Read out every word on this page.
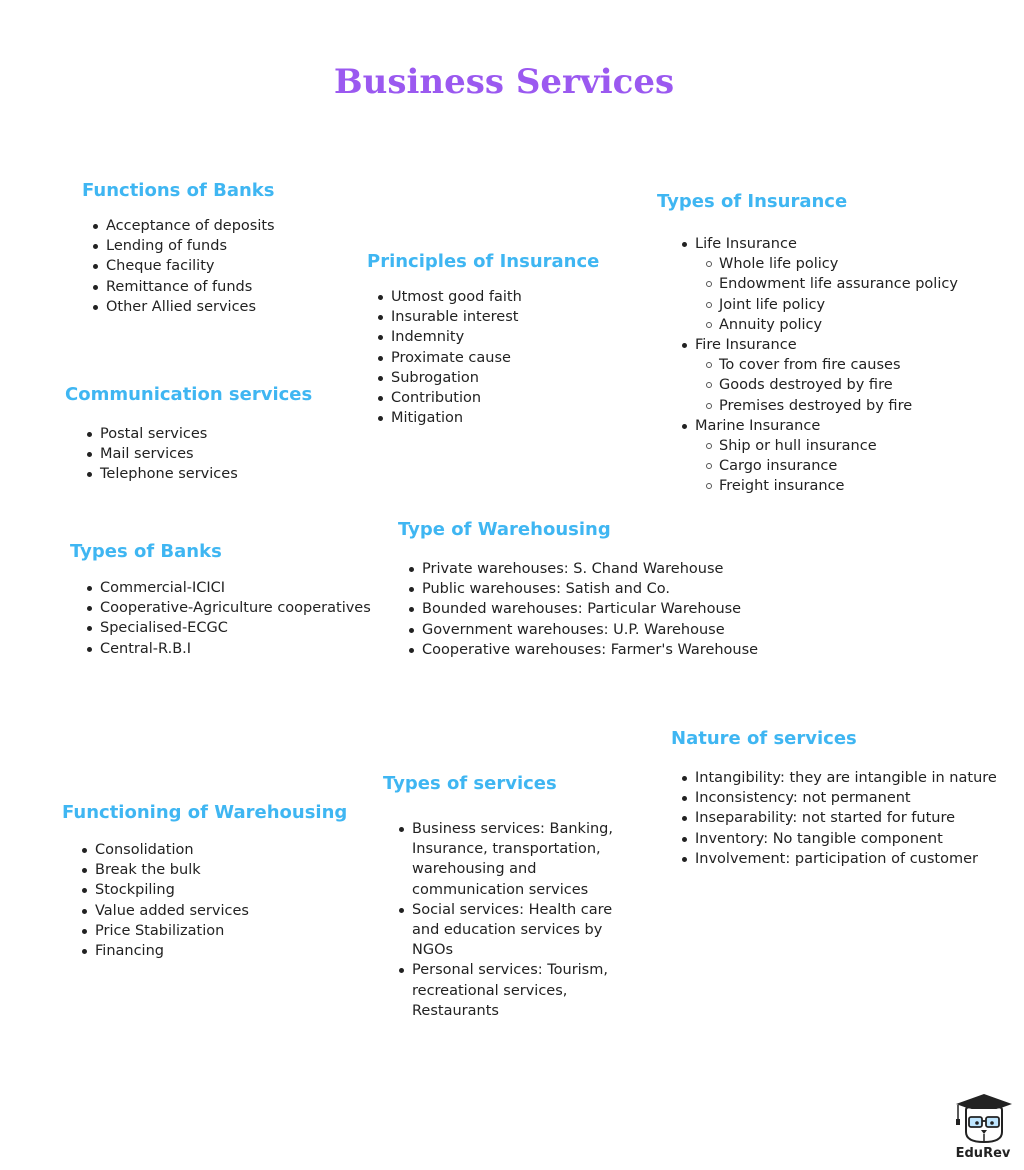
Business Services
Functions of Banks
Acceptance of deposits
Lending of funds
Cheque facility
Remittance of funds
Other Allied services
Principles of Insurance
Utmost good faith
Insurable interest
Indemnity
Proximate cause
Subrogation
Contribution
Mitigation
Types of Insurance
Life Insurance
Whole life policy
Endowment life assurance policy
Joint life policy
Annuity policy
Fire Insurance
To cover from fire causes
Goods destroyed by fire
Premises destroyed by fire
Marine Insurance
Ship or hull insurance
Cargo insurance
Freight insurance
Communication services
Postal services
Mail services
Telephone services
Type of Warehousing
Private warehouses: S. Chand Warehouse
Public warehouses: Satish and Co.
Bounded warehouses: Particular Warehouse
Government warehouses: U.P. Warehouse
Cooperative warehouses: Farmer's Warehouse
Types of Banks
Commercial-ICICI
Cooperative-Agriculture cooperatives
Specialised-ECGC
Central-R.B.I
Nature of services
Intangibility: they are intangible in nature
Inconsistency: not permanent
Inseparability: not started for future
Inventory: No tangible component
Involvement: participation of customer
Types of services
Business services: Banking, Insurance, transportation, warehousing and communication services
Social services: Health care and education services by NGOs
Personal services: Tourism, recreational services, Restaurants
Functioning of Warehousing
Consolidation
Break the bulk
Stockpiling
Value added services
Price Stabilization
Financing
EduRev
